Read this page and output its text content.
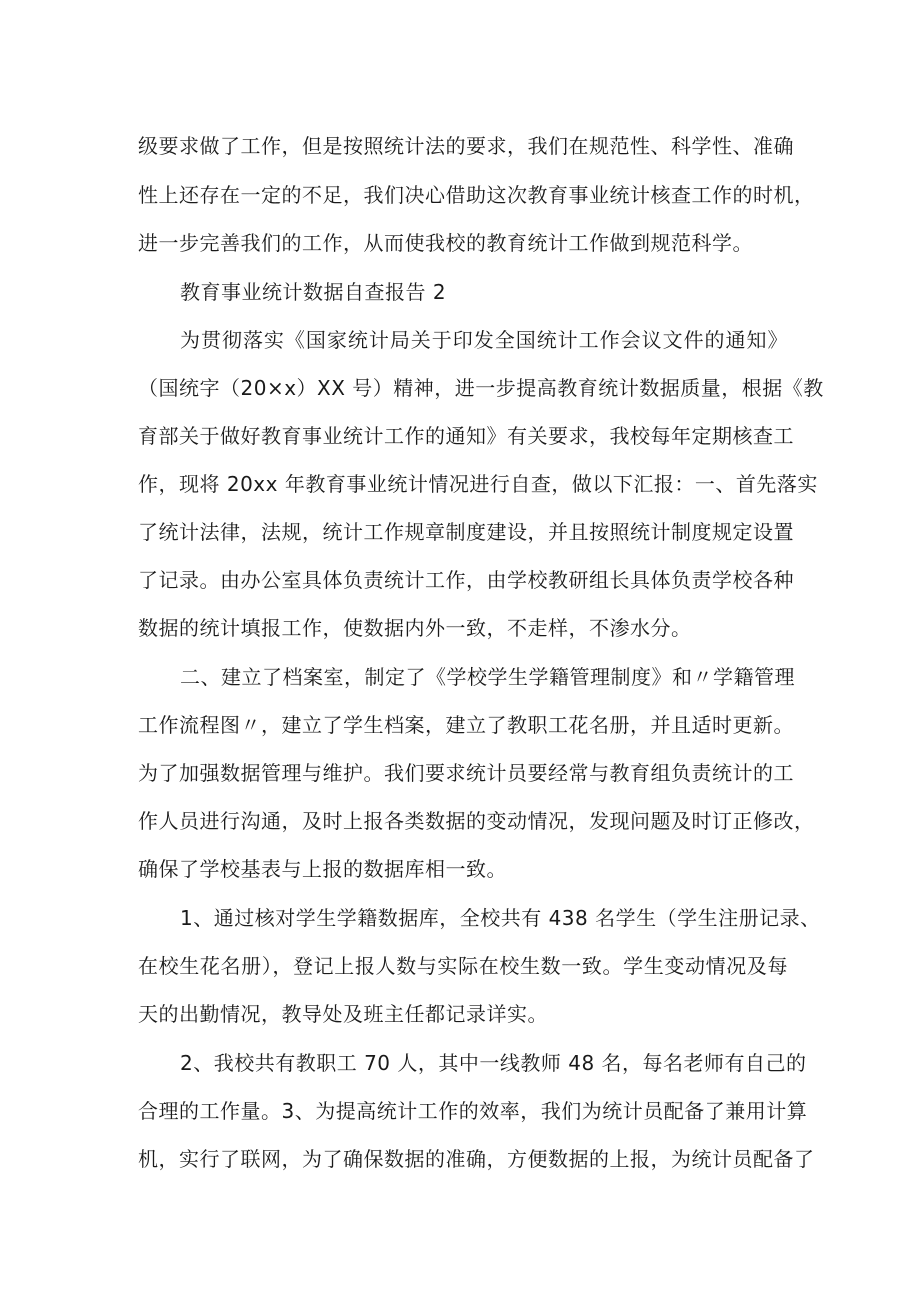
级要求做了工作，但是按照统计法的要求，我们在规范性、科学性、准确
性上还存在一定的不足，我们决心借助这次教育事业统计核查工作的时机，
进一步完善我们的工作，从而使我校的教育统计工作做到规范科学。
教育事业统计数据自查报告 2
为贯彻落实《国家统计局关于印发全国统计工作会议文件的通知》
（国统字（20×x）XX 号）精神，进一步提高教育统计数据质量，根据《教
育部关于做好教育事业统计工作的通知》有关要求，我校每年定期核查工
作，现将 20xx 年教育事业统计情况进行自查，做以下汇报：一、首先落实
了统计法律，法规，统计工作规章制度建设，并且按照统计制度规定设置
了记录。由办公室具体负责统计工作，由学校教研组长具体负责学校各种
数据的统计填报工作，使数据内外一致，不走样，不渗水分。
二、建立了档案室，制定了《学校学生学籍管理制度》和〃学籍管理
工作流程图〃，建立了学生档案，建立了教职工花名册，并且适时更新。
为了加强数据管理与维护。我们要求统计员要经常与教育组负责统计的工
作人员进行沟通，及时上报各类数据的变动情况，发现问题及时订正修改，
确保了学校基表与上报的数据库相一致。
1、通过核对学生学籍数据库，全校共有 438 名学生（学生注册记录、
在校生花名册），登记上报人数与实际在校生数一致。学生变动情况及每
天的出勤情况，教导处及班主任都记录详实。
2、我校共有教职工 70 人，其中一线教师 48 名，每名老师有自己的
合理的工作量。3、为提高统计工作的效率，我们为统计员配备了兼用计算
机，实行了联网，为了确保数据的准确，方便数据的上报，为统计员配备了
